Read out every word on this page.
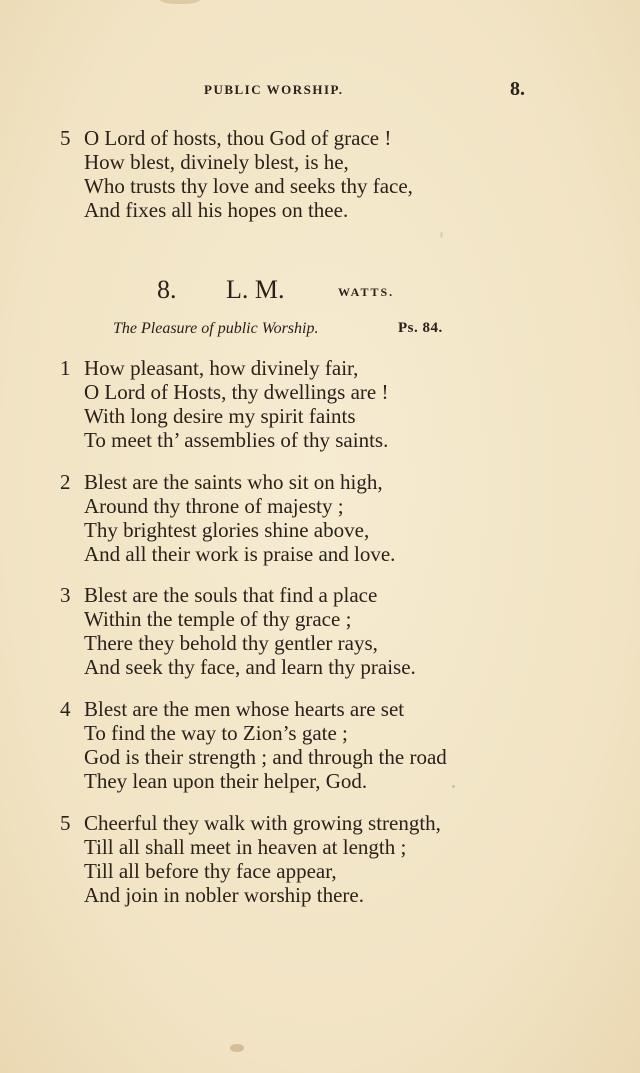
PUBLIC WORSHIP.	8.
5 O Lord of hosts, thou God of grace !
How blest, divinely blest, is he,
Who trusts thy love and seeks thy face,
And fixes all his hopes on thee.
8. L. M.	WATTS.
The Pleasure of public Worship.	Ps. 84.
1 How pleasant, how divinely fair,
O Lord of Hosts, thy dwellings are !
With long desire my spirit faints
To meet th’ assemblies of thy saints.
2 Blest are the saints who sit on high,
Around thy throne of majesty ;
Thy brightest glories shine above,
And all their work is praise and love.
3 Blest are the souls that find a place
Within the temple of thy grace ;
There they behold thy gentler rays,
And seek thy face, and learn thy praise.
4 Blest are the men whose hearts are set
To find the way to Zion’s gate ;
God is their strength ; and through the road
They lean upon their helper, God.
5 Cheerful they walk with growing strength,
Till all shall meet in heaven at length ;
Till all before thy face appear,
And join in nobler worship there.
